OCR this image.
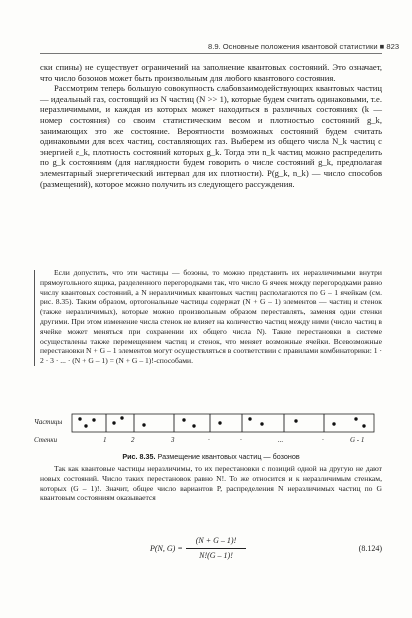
8.9. Основные положения квантовой статистики ■ 823

ски спины) не существует ограничений на заполнение квантовых состояний. Это означает, что число бозонов может быть произвольным для любого квантового состояния.

Рассмотрим теперь большую совокупность слабовзаимодействующих квантовых частиц — идеальный газ, состоящий из N частиц (N >> 1), которые будем считать одинаковыми, т.е. неразличимыми, и каждая из которых может находиться в различных состояниях (k — номер состояния) со своим статистическим весом и плотностью состояний g_k, занимающих это же состояние. Вероятности возможных состояний будем считать одинаковыми для всех частиц, составляющих газ. Выберем из общего числа N_k частиц с энергией ε_k, плотность состояний которых g_k. Тогда эти n_k частиц можно распределить по g_k состояниям (для наглядности будем говорить о числе состояний g_k, предполагая элементарный энергетический интервал для их плотности). P(g_k, n_k) — число способов (размещений), которое можно получить из следующего рассуждения.

Если допустить, что эти частицы — бозоны, то можно представить их неразличимыми внутри прямоугольного ящика, разделенного перегородками так, что число G ячеек между перегородками равно числу квантовых состояний, а N неразличимых квантовых частиц располагаются по G – 1 ячейкам (см. рис. 8.35). Таким образом, ортогональные частицы содержат (N + G – 1) элементов — частиц и стенок (также неразличимых), которые можно произвольным образом переставлять, заменяя одни стенки другими. При этом изменение числа стенок не влияет на количество частиц между ними (число частиц в ячейке может меняться при сохранении их общего числа N). Такие перестановки в системе осуществлены также перемещением частиц и стенок, что меняет возможные ячейки. Всевозможные перестановки N + G – 1 элементов могут осуществляться в соответствии с правилами комбинаторики: 1 · 2 · 3 · ... · (N + G – 1) = (N + G – 1)!-способами.
Частицы
Стенки	1	2	3	·	·	...	·	G - 1
Рис. 8.35. Размещение квантовых частиц — бозонов

Так как квантовые частицы неразличимы, то их перестановки с позиций одной на другую не дают новых состояний. Число таких перестановок равно N!. То же относится и к неразличимым стенкам, которых (G – 1)!. Значит, общее число вариантов P, распределения N неразличимых частиц по G квантовым состояниям оказывается

P(N, G) =
(N + G – 1)!
N!(G – 1)!
(8.124)
